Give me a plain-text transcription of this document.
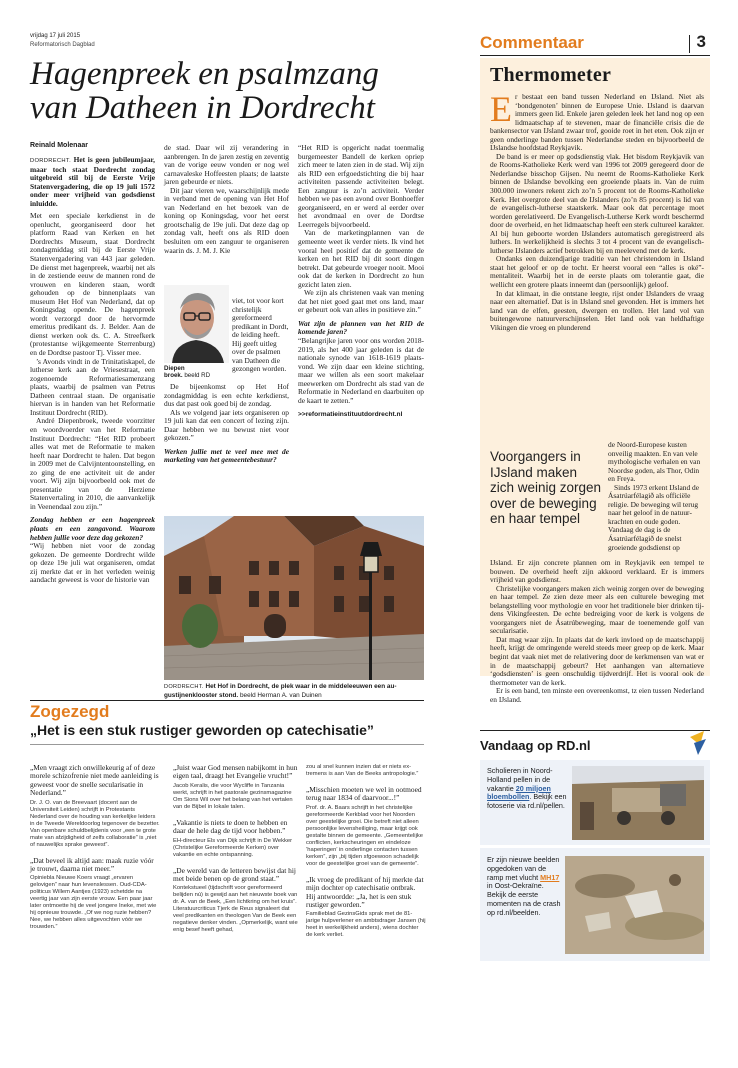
vrijdag 17 juli 2015
Reformatorisch Dagblad
Hagenpreek en psalmzang
van Datheen in Dordrecht
Reinald Molenaar

DORDRECHT. Het is geen jubileumjaar, maar toch staat Dordrecht zondag uitgebreid stil bij de Eerste Vrije Statenvergadering, die op 19 juli 1572 onder meer vrijheid van godsdienst inluidde.

Met een speciale kerkdienst in de openlucht, georganiseerd door het platform Raad van Kerken en het Dordrechts Museum, staat Dordrecht zondagmiddag stil bij de Eerste Vrije Statenvergadering van 443 jaar geleden. De dienst met hagenpreek, waarbij net als in de zestiende eeuw de mannen rond de vrouwen en kinderen staan, wordt gehouden op de binnenplaats van museum Het Hof van Nederland, dat op Koningsdag opende. De hagenpreek wordt verzorgd door de hervormde emeritus predikant ds. J. Belder. Aan de dienst werken ook ds. C. A. Streefkerk (protestantse wijkgemeente Sterrenburg) en de Dordtse pastoor Tj. Visser mee.

’s Avonds vindt in de Trinitatiskapel, de lutherse kerk aan de Vriesestraat, een zogenoemde Reformatiesamenzang plaats, waarbij de psalmen van Petrus Datheen centraal staan. De organisatie hiervan is in handen van het Reformatie Instituut Dordrecht (RID).

André Diepenbroek, tweede voorzitter en woordvoerder van het Reformatie Instituut Dordrecht: “Het RID probeert alles wat met de Reformatie te maken heeft naar Dordrecht te halen. Dat begon in 2009 met de Calvijntentoonstelling, en zo ging de ene activiteit uit de ander voort. Wij zijn bijvoorbeeld ook met de presentatie van de Herziene Statenvertaling in 2010, die aanvankelijk in Veenendaal zou zijn.”

Zondag hebben er een hagenpreek plaats en een zangavond. Waarom hebben jullie voor deze dag gekozen?

“Wij hebben niet voor de zondag gekozen. De gemeente Dordrecht wilde op deze 19e juli wat organiseren, omdat zij merkte dat er in het verleden weinig aandacht geweest is voor de historie van

de stad. Daar wil zij verandering in aanbrengen. In de jaren zestig en zeventig van de vorige eeuw vonden er nog wel carnavaleske Hoffeesten plaats; de laatste jaren gebeurde er niets.

Dit jaar vieren we, waarschijnlijk mede in verband met de opening van Het Hof van Nederland en het bezoek van de koning op Koningsdag, voor het eerst grootschalig de 19e juli. Dat deze dag op zondag valt, heeft ons als RID doen besluiten om een zanguur te organiseren waarin ds. J. M. J. Kie

Diepen
broek. beeld RD

viet, tot voor kort christelijk gereformeerd predikant in Dordt, de leiding heeft. Hij geeft uitleg over de psalmen van Datheen die gezongen worden.

De bijeenkomst op Het Hof zondagmiddag is een echte kerkdienst, dus dat past ook goed bij de zondag.

Als we volgend jaar iets organiseren op 19 juli kan dat een concert of lezing zijn. Daar hebben we nu bewust niet voor gekozen.”

Werken jullie met te veel mee met de marketing van het gemeentebestuur?

“Het RID is opgericht nadat toenmalig burgemeester Bandell de kerken opriep zich meer te laten zien in de stad. Wij zijn als RID een erfgoedstichting die bij haar activiteiten passende activiteiten belegt. Een zanguur is zo’n activiteit. Verder hebben we pas een avond over Bonhoeffer georganiseerd, en er werd al eerder over het avondmaal en over de Dordtse Leerregels bijvoorbeeld.

Van de marketingplannen van de gemeente weet ik verder niets. Ik vind het vooral heel positief dat de gemeente de kerken en het RID bij dit soort dingen betrekt. Dat gebeurde vroeger nooit. Mooi ook dat de kerken in Dordrecht zo hun gezicht laten zien.

We zijn als christenen vaak van mening dat het niet goed gaat met ons land, maar er gebeurt ook van alles in positieve zin.”

Wat zijn de plannen van het RID de komende jaren?

“Belangrijke jaren voor ons worden 2018-2019, als het 400 jaar geleden is dat de nationale synode van 1618-1619 plaatsvond. We zijn daar een kleine stichting, maar we willen als een soort makelaar meewerken om Dordrecht als stad van de Reformatie in Nederland en daarbuiten op de kaart te zetten.”

>>reformatieinstituutdordrecht.nl

DORDRECHT. Het Hof in Dordrecht, de plek waar in de middeleeuwen een augustijnenklooster stond. beeld Herman A. van Duinen
Commentaar	3
Thermometer

Er bestaat een band tussen Nederland en IJsland. Niet als ‘bondgenoten’ binnen de Europese Unie. IJsland is daarvan immers geen lid. Enkele jaren geleden leek het land nog op een lidmaatschap af te stevenen, maar de financiële crisis die de bankensector van IJsland zwaar trof, gooide roet in het eten. Ook zijn er geen onderlinge banden tussen Nederlandse steden en bijvoorbeeld de IJslandse hoofdstad Reykjavik.

De band is er meer op godsdienstig vlak. Het bisdom Reykjavik van de Rooms-Katholieke Kerk werd van 1996 tot 2009 geregeerd door de Nederlandse bisschop Gijsen. Nu neemt de Rooms-Katholieke Kerk binnen de IJslandse bevolking een groeiende plaats in. Van de ruim 300.000 inwoners rekent zich zo’n 5 procent tot de Rooms-Katholieke Kerk. Het overgrote deel van de IJslanders (zo’n 85 procent) is lid van de evangelisch-lutherse staatskerk. Maar ook dat percentage moet worden gerelativeerd. De Evangelisch-Lutherse Kerk wordt beschermd door de overheid, en het lidmaatschap heeft een sterk cultureel karakter. Al bij hun geboorte worden IJslanders automatisch geregistreerd als luthers. In werkelijkheid is slechts 3 tot 4 procent van de evangelisch-lutherse IJslanders actief betrokken bij en meelevend met de kerk.

Ondanks een duizendjarige traditie van het christendom in IJsland staat het geloof er op de tocht. Er heerst vooral een “alles is oké”-mentaliteit. Waarbij het in de eerste plaats om tolerantie gaat, die wellicht een grotere plaats inneemt dan (persoonlijk) geloof.

In dat klimaat, in die ontstane leegte, rijst onder IJslanders de vraag naar een alternatief. Dat is in IJsland snel gevonden. Het is immers het land van de elfen, geesten, dwergen en trollen. Het land vol van buitengewone natuurverschijnselen. Het land ook van heldhaftige Vikingen die vroeg en plunderend

Voorgangers in IJsland maken zich weinig zorgen over de beweging en haar tempel

de Noord-Europese kusten onveilig maakten. En van vele mythologische verhalen en van Noordse goden, als Thor, Odin en Freya.

Sinds 1973 erkent IJsland de Ásatrúarfélagið als officiële religie. De beweging wil terug naar het geloof in de natuurkrachten en oude goden. Vandaag de dag is de Ásatrúarfélagið de snelst groeiende godsdienst op

IJsland. Er zijn concrete plannen om in Reykjavik een tempel te bouwen. De overheid heeft zijn akkoord verklaard. Er is immers vrijheid van godsdienst.

Christelijke voorgangers maken zich weinig zorgen over de beweging en haar tempel. Ze zien deze meer als een culturele beweging met belangstelling voor mythologie en voor het traditionele bier drinken tijdens Vikingfeesten. De echte bedreiging voor de kerk is volgens de voorgangers niet de Ásatrúbeweging, maar de toenemende golf van secularisatie.

Dat mag waar zijn. In plaats dat de kerk invloed op de maatschappij heeft, krijgt de omringende wereld steeds meer greep op de kerk. Maar begint dat vaak niet met de relativering door de kerkmensen van wat er in de maatschappij gebeurt? Het aanhangen van alternatieve ‘godsdiensten’ is geen onschuldig tijdverdrijf. Het is vooral ook de thermometer van de kerk.

Er is een band, ten minste een overeenkomst, tz eien tussen Nederland en IJsland.

Zogezegd
„Het is een stuk rustiger geworden op catechisatie”
„Men vraagt zich onwillekeurig af of deze morele schizofrenie niet mede aanleiding is geweest voor de snelle secularisatie in Nederland.”
Dr. J. O. van de Breevaart (docent aan de Universiteit Leiden) schrijft in Protestants Nederland over de houding van kerkelijke leiders in de Tweede Wereldoorlog tegenover de bezetter. Van openbare schuldbelijdenis voor „een te grote mate van afzijdigheid of zelfs collaboratie” is „niet of nauwelijks sprake geweest”.
„Dat beveel ik altijd aan: maak ruzie vóór je trouwt, daarna niet meer.”
Opiniebla Nieuwe Koers vraagt „ervaren gelovigen” naar hun levenslessen. Oud-CDA-politicus Willem Aantjes (1923) schetdde na veertig jaar van zijn eerste vrouw. Een paar jaar later ontmoette hij de veel jongere Ineke, met wie hij opnieuw trouwde. „Of we nog ruzie hebben? Nee, we hebben alles uitgevochten vóór we trouwden.”
„Juist waar God mensen nabijkomt in hun eigen taal, draagt het Evangelie vrucht!”
Jacob Keralis, die voor Wycliffe in Tanzania werkt, schrijft in het pastorale gezinsmagazine Om Sions Wil over het belang van het vertalen van de Bijbel in lokale talen.
„Vakantie is niets te doen te hebben en daar de hele dag de tijd voor hebben.”
EH-directeur Els van Dijk schrijft in De Wekker (Christelijke Gereformeerde Kerken) over vakantie en echte ontspanning.
„De wereld van de letteren bewijst dat hij met beide benen op de grond staat.”
Kontekstueel (tijdschrift voor gereformeerd belijden nú) is gewijd aan het nieuwste boek van dr. A. van de Beek, „Een lichtkring om het kruis”. Literatuurcriticus Tjerk de Reus signaleert dat veel predikanten en theologen Van de Beek een negatieve denker vinden. „Opmerkelijk, want wie enig besef heeft gehad,
zou al snel kunnen inzien dat er niets extremens is aan Van de Beeks antropologie.”
„Misschien moeten we wel in ootmoed terug naar 1834 of daarvoor...!”
Prof. dr. A. Baars schrijft in het christelijke gereformeerde Kerkblad voor het Noorden over geestelijke groei. Die betreft niet alleen persoonlijke levensheiliging, maar krijgt ook gestalte binnen de gemeente. „Gemeentelijke conflicten, kerkscheuringen en eindeloze ‘haperingen’ in onderlinge contacten tussen kerken”, zijn „bij tijden sfgoewoon schadelijk voor de geestelijke groei van de gemeente”.
„Ik vroeg de predikant of hij merkte dat mijn dochter op catechisatie ontbrak. Hij antwoordde: „Ja, het is een stuk rustiger geworden.”
Familieblad GezinsGids sprak met de 81-jarige hulpverlener en ambtsdrager Jansen (hij heet in werkelijkheid anders), wiens dochter de kerk verliet.
Vandaag op RD.nl
Scholieren in Noord-Holland pellen in de vakantie 20 miljoen bloembollen. Bekijk een fotoserie via rd.nl/pellen.
Er zijn nieuwe beelden opgedoken van de ramp met vlucht MH17 in Oost-Oekraïne. Bekijk de eerste momenten na de crash op rd.nl/beelden.
